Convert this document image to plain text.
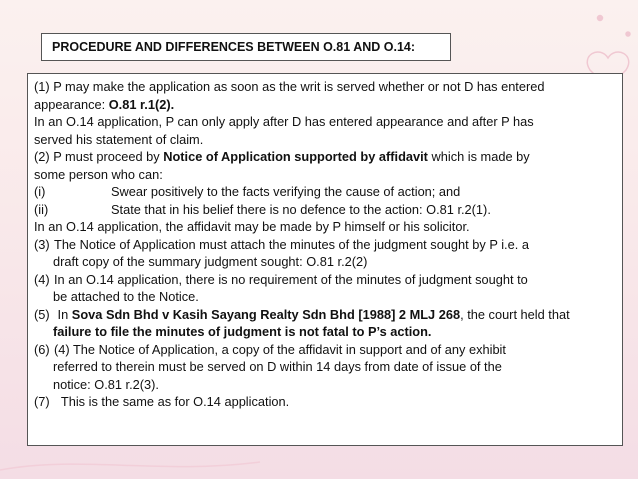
PROCEDURE AND DIFFERENCES BETWEEN O.81 AND O.14:
(1) P may make the application as soon as the writ is served whether or not D has entered
appearance: O.81 r.1(2).
In an O.14 application, P can only apply after D has entered appearance and after P has
served his statement of claim.
(2) P must proceed by Notice of Application supported by affidavit which is made by
some person who can:
(i)	Swear positively to the facts verifying the cause of action; and
(ii)	State that in his belief there is no defence to the action: O.81 r.2(1).
In an O.14 application, the affidavit may be made by P himself or his solicitor.
(3) The Notice of Application must attach the minutes of the judgment sought by P i.e. a
draft copy of the summary judgment sought: O.81 r.2(2)
(4) In an O.14 application, there is no requirement of the minutes of judgment sought to
be attached to the Notice.
(5) In Sova Sdn Bhd v Kasih Sayang Realty Sdn Bhd [1988] 2 MLJ 268, the court held that
failure to file the minutes of judgment is not fatal to P’s action.
(6) (4) The Notice of Application, a copy of the affidavit in support and of any exhibit
referred to therein must be served on D within 14 days from date of issue of the
notice: O.81 r.2(3).
(7)  This is the same as for O.14 application.
